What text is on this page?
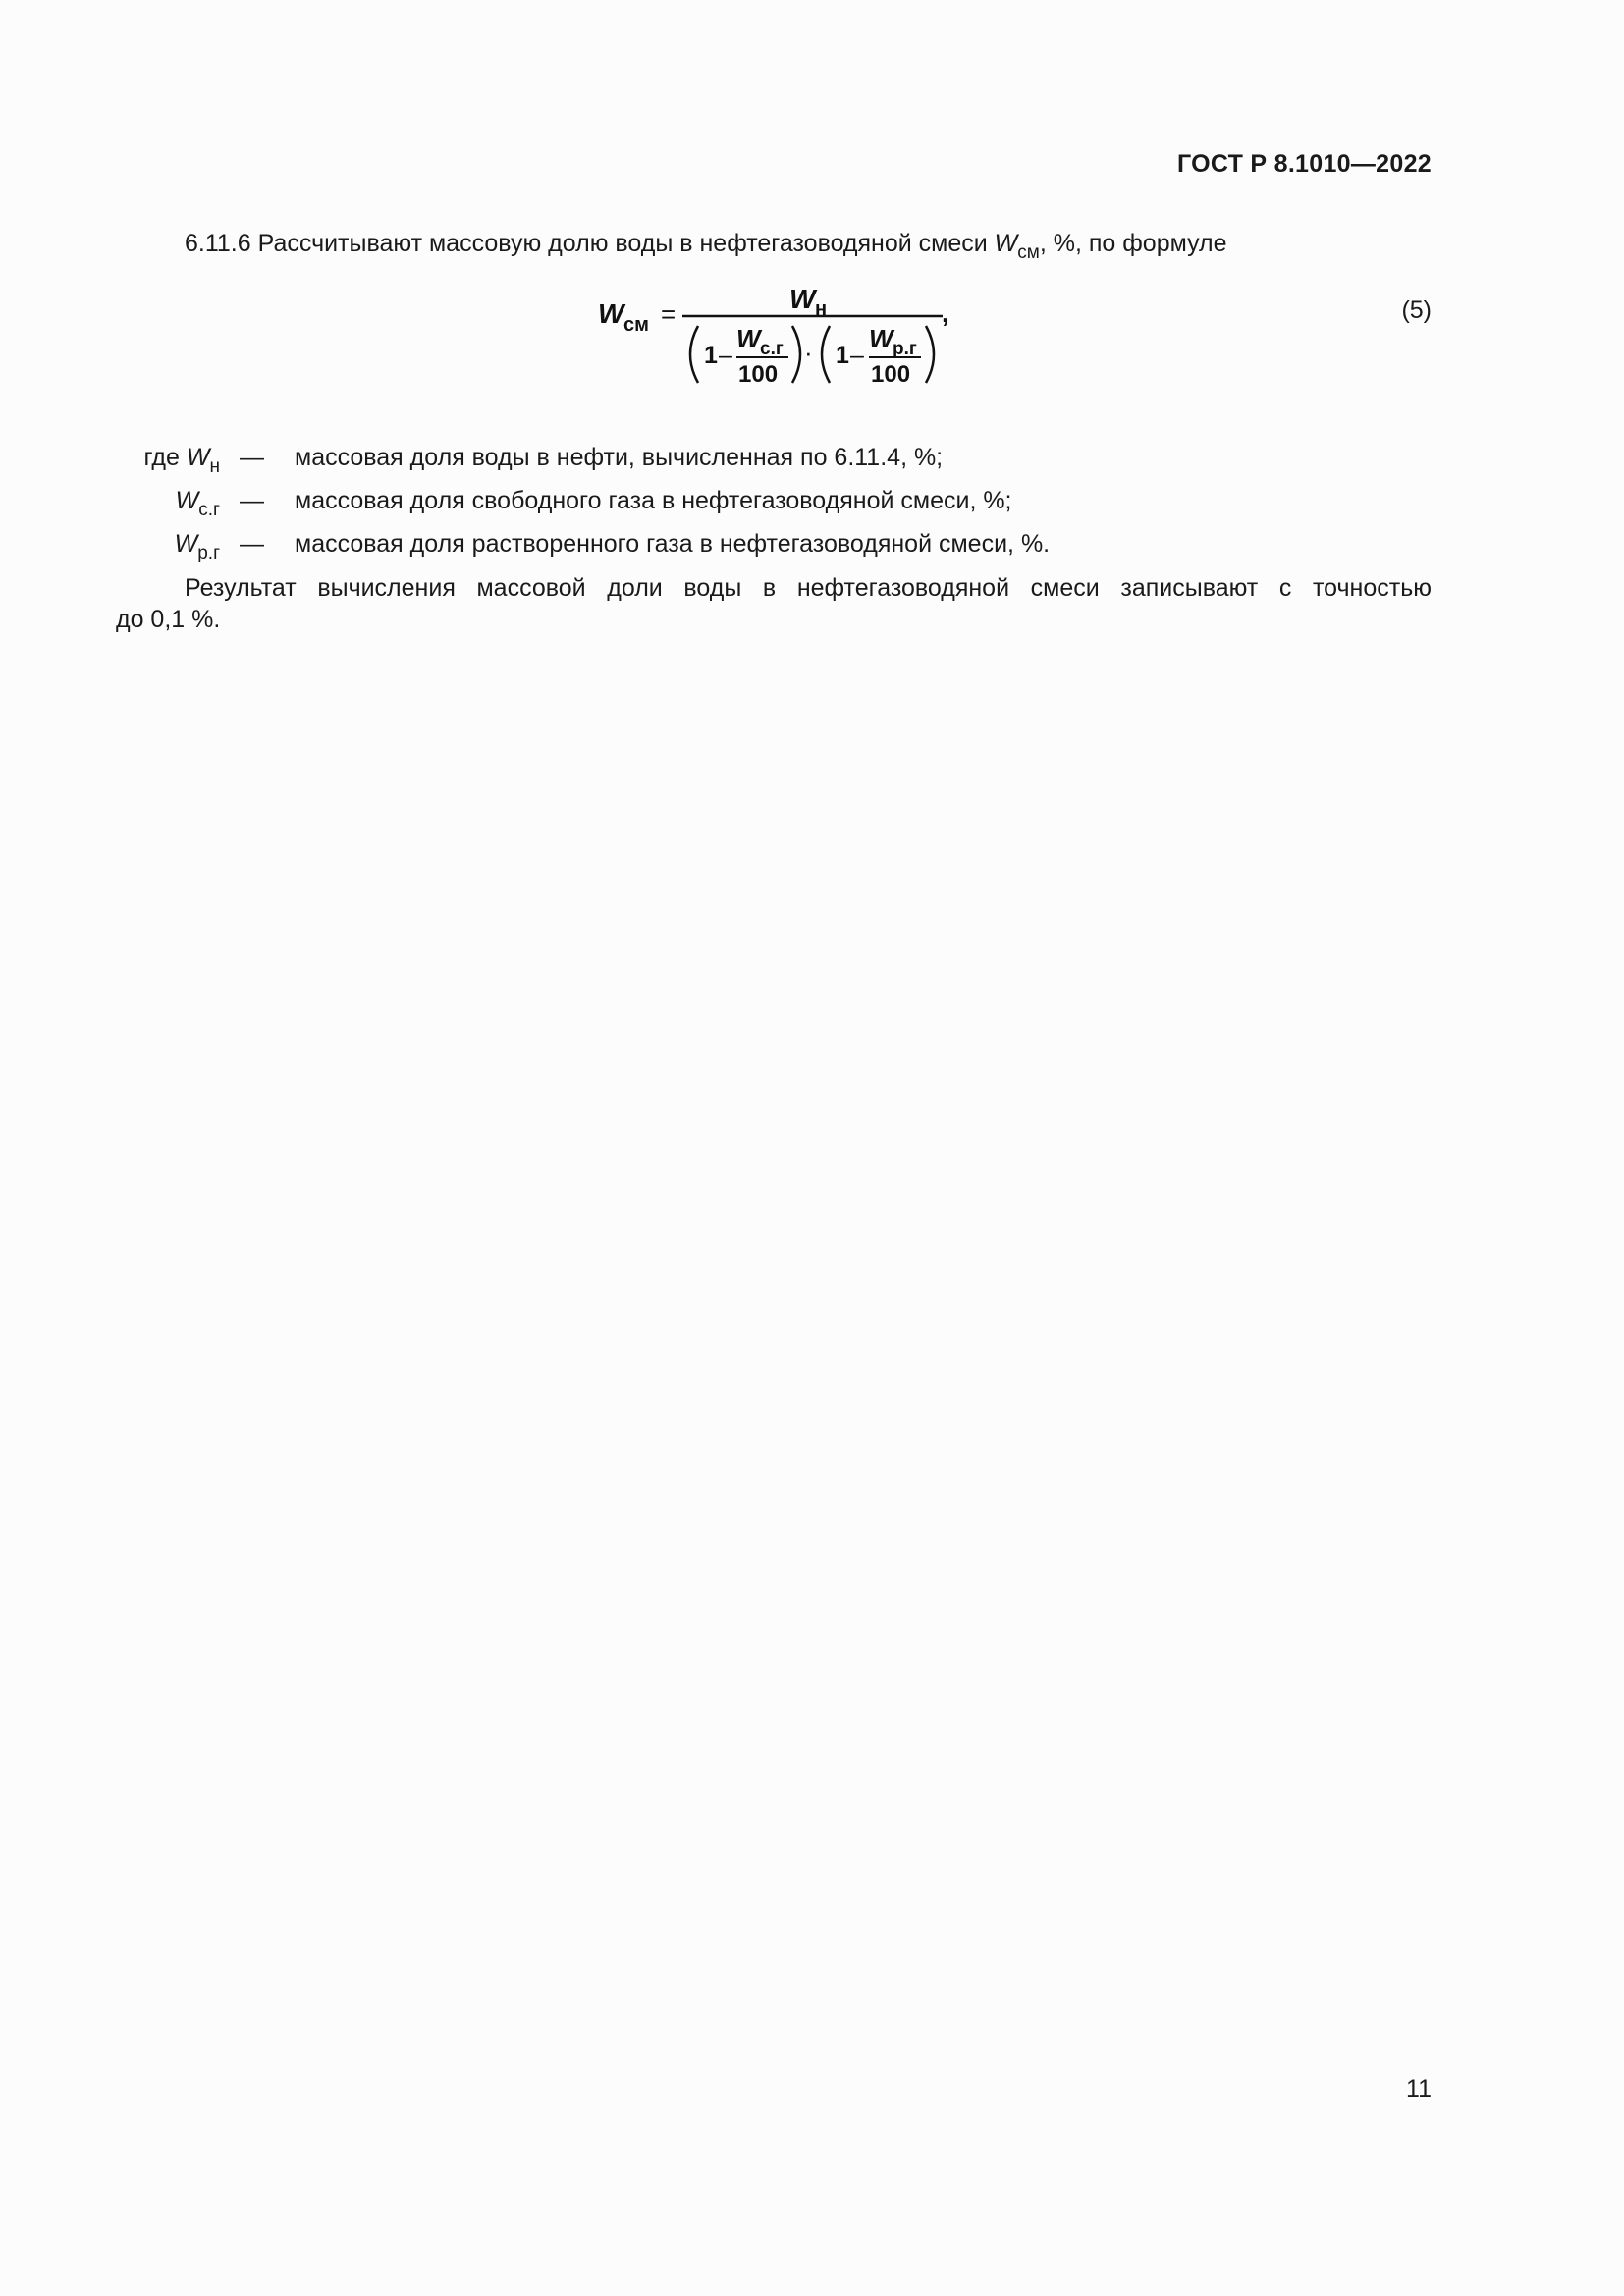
ГОСТ Р 8.1010—2022
6.11.6 Рассчитывают массовую долю воды в нефтегазоводяной смеси $W_{см}$, %, по формуле
W см =	W н	,
1 –
W с.г
100
· 1 –
W р.г
100
(5)
где $W_н$ — массовая доля воды в нефти, вычисленная по 6.11.4, %;
$W_{с.г}$ — массовая доля свободного газа в нефтегазоводяной смеси, %;
$W_{р.г}$ — массовая доля растворенного газа в нефтегазоводяной смеси, %.
Результат вычисления массовой доли воды в нефтегазоводяной смеси записывают с точностью
до 0,1 %.
11
